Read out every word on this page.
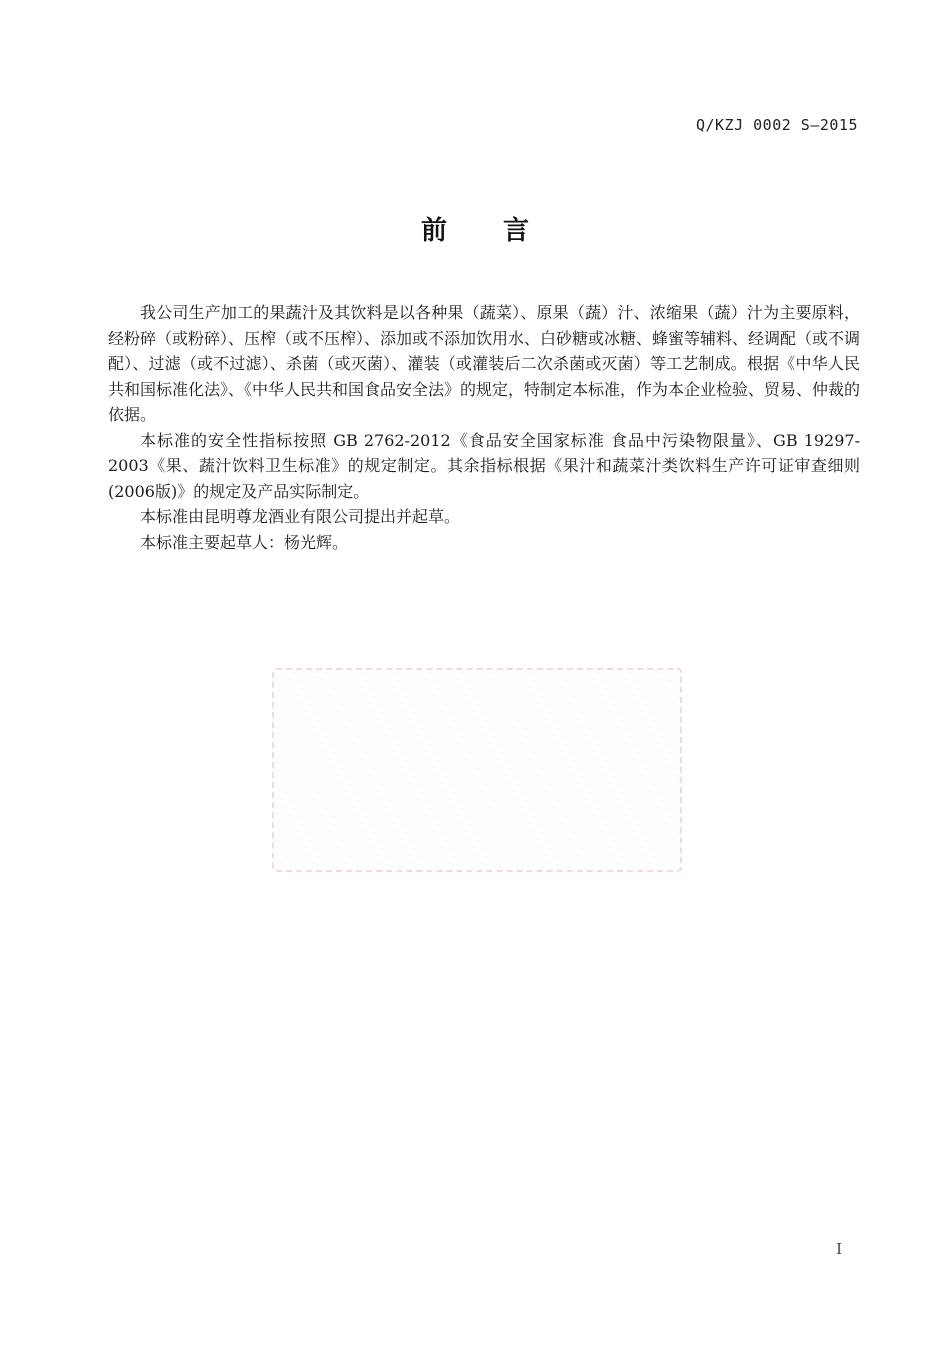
Q/KZJ 0002 S—2015
前言

我公司生产加工的果蔬汁及其饮料是以各种果（蔬菜）、原果（蔬）汁、浓缩果（蔬）汁为主要原料，经粉碎（或粉碎）、压榨（或不压榨）、添加或不添加饮用水、白砂糖或冰糖、蜂蜜等辅料、经调配（或不调配）、过滤（或不过滤）、杀菌（或灭菌）、灌装（或灌装后二次杀菌或灭菌）等工艺制成。根据《中华人民共和国标准化法》、《中华人民共和国食品安全法》的规定，特制定本标准，作为本企业检验、贸易、仲裁的依据。

本标准的安全性指标按照 GB 2762-2012《食品安全国家标准 食品中污染物限量》、GB 19297-2003《果、蔬汁饮料卫生标准》的规定制定。其余指标根据《果汁和蔬菜汁类饮料生产许可证审查细则(2006版)》的规定及产品实际制定。

本标准由昆明尊龙酒业有限公司提出并起草。

本标准主要起草人：杨光辉。

I
